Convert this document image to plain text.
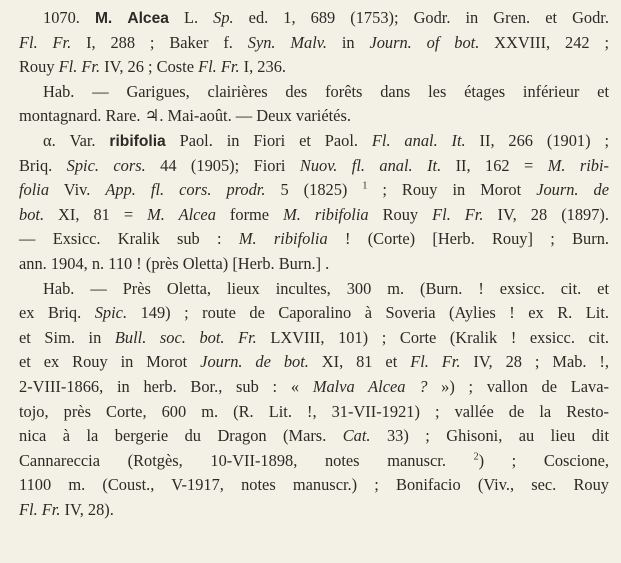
1070. M. Alcea L. Sp. ed. 1, 689 (1753); Godr. in Gren. et Godr.
Fl. Fr. I, 288 ; Baker f. Syn. Malv. in Journ. of bot. XXVIII, 242 ;
Rouy Fl. Fr. IV, 26 ; Coste Fl. Fr. I, 236.
Hab. — Garigues, clairières des forêts dans les étages inférieur et
montagnard. Rare. ♃. Mai-août. — Deux variétés.
α. Var. ribifolia Paol. in Fiori et Paol. Fl. anal. It. II, 266 (1901) ;
Briq. Spic. cors. 44 (1905); Fiori Nuov. fl. anal. It. II, 162 = M. ribi-
folia Viv. App. fl. cors. prodr. 5 (1825) $^1$ ; Rouy in Morot Journ. de
bot. XI, 81 = M. Alcea forme M. ribifolia Rouy Fl. Fr. IV, 28 (1897).
— Exsicc. Kralik sub : M. ribifolia ! (Corte) [Herb. Rouy] ; Burn.
ann. 1904, n. 110 ! (près Oletta) [Herb. Burn.] .
Hab. — Près Oletta, lieux incultes, 300 m. (Burn. ! exsicc. cit. et
ex Briq. Spic. 149) ; route de Caporalino à Soveria (Aylies ! ex R. Lit.
et Sim. in Bull. soc. bot. Fr. LXVIII, 101) ; Corte (Kralik ! exsicc. cit.
et ex Rouy in Morot Journ. de bot. XI, 81 et Fl. Fr. IV, 28 ; Mab. !,
2-VIII-1866, in herb. Bor., sub : « Malva Alcea ? ») ; vallon de Lava-
tojo, près Corte, 600 m. (R. Lit. !, 31-VII-1921) ; vallée de la Resto-
nica à la bergerie du Dragon (Mars. Cat. 33) ; Ghisoni, au lieu dit
Cannareccia (Rotgès, 10-VII-1898, notes manuscr. $^2$) ; Coscione,
1100 m. (Coust., V-1917, notes manuscr.) ; Bonifacio (Viv., sec. Rouy
Fl. Fr. IV, 28).
